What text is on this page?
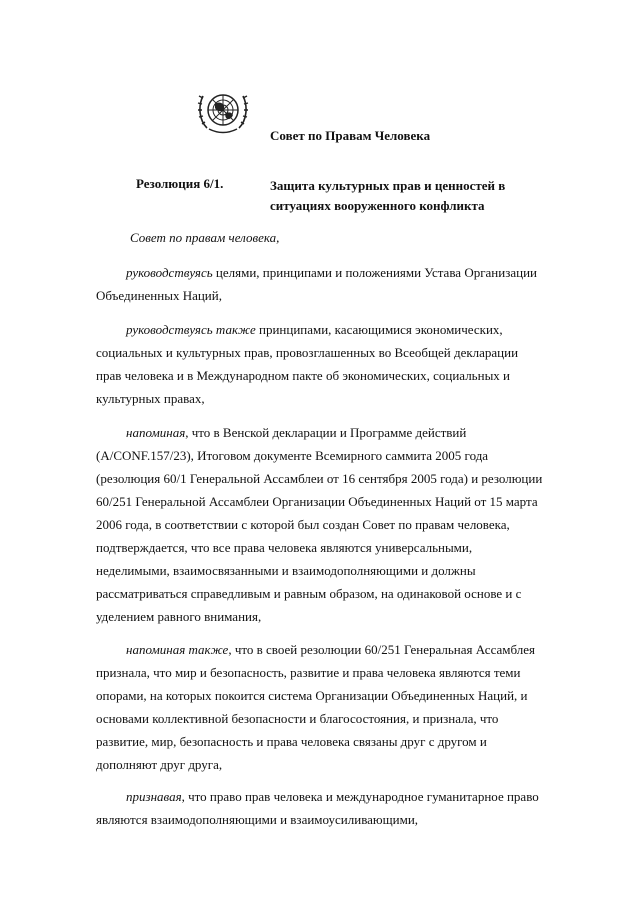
Совет по Правам Человека
Резолюция 6/1.	Защита культурных прав и ценностей в
ситуациях вооруженного конфликта
Совет по правам человека,
руководствуясь целями, принципами и положениями Устава Организации
Объединенных Наций,
руководствуясь также принципами, касающимися экономических,
социальных и культурных прав, провозглашенных во Всеобщей декларации
прав человека и в Международном пакте об экономических, социальных и
культурных правах,
напоминая, что в Венской декларации и Программе действий
(A/CONF.157/23), Итоговом документе Всемирного саммита 2005 года
(резолюция 60/1 Генеральной Ассамблеи от 16 сентября 2005 года) и резолюции
60/251 Генеральной Ассамблеи Организации Объединенных Наций от 15 марта
2006 года, в соответствии с которой был создан Совет по правам человека,
подтверждается, что все права человека являются универсальными,
неделимыми, взаимосвязанными и взаимодополняющими и должны
рассматриваться справедливым и равным образом, на одинаковой основе и с
уделением равного внимания,
напоминая также, что в своей резолюции 60/251 Генеральная Ассамблея
признала, что мир и безопасность, развитие и права человека являются теми
опорами, на которых покоится система Организации Объединенных Наций, и
основами коллективной безопасности и благосостояния, и признала, что
развитие, мир, безопасность и права человека связаны друг с другом и
дополняют друг друга,
признавая, что право прав человека и международное гуманитарное право
являются взаимодополняющими и взаимоусиливающими,
